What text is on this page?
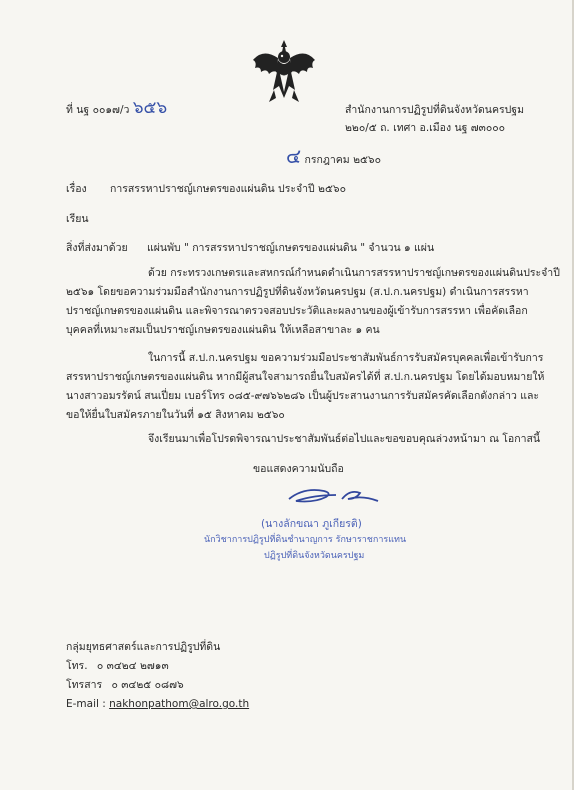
ที่ นฐ ๐๐๑๗/ว ๖๕๖	สำนักงานการปฏิรูปที่ดินจังหวัดนครปฐม
๒๒๐/๕ ถ. เทศา อ.เมือง นฐ ๗๓๐๐๐
๔ กรกฎาคม ๒๕๖๐
เรื่อง การสรรหาปราชญ์เกษตรของแผ่นดิน ประจำปี ๒๕๖๐
เรียน
สิ่งที่ส่งมาด้วย แผ่นพับ " การสรรหาปราชญ์เกษตรของแผ่นดิน " จำนวน ๑ แผ่น
ด้วย กระทรวงเกษตรและสหกรณ์กำหนดดำเนินการสรรหาปราชญ์เกษตรของแผ่นดินประจำปี
๒๕๖๑ โดยขอความร่วมมือสำนักงานการปฏิรูปที่ดินจังหวัดนครปฐม (ส.ป.ก.นครปฐม) ดำเนินการสรรหา
ปราชญ์เกษตรของแผ่นดิน และพิจารณาตรวจสอบประวัติและผลงานของผู้เข้ารับการสรรหา เพื่อคัดเลือก
บุคคลที่เหมาะสมเป็นปราชญ์เกษตรของแผ่นดิน ให้เหลือสาขาละ ๑ คน
ในการนี้ ส.ป.ก.นครปฐม ขอความร่วมมือประชาสัมพันธ์การรับสมัครบุคคลเพื่อเข้ารับการ
สรรหาปราชญ์เกษตรของแผ่นดิน หากมีผู้สนใจสามารถยื่นใบสมัครได้ที่ ส.ป.ก.นครปฐม โดยได้มอบหมายให้
นางสาวอมรรัตน์ สนเปี่ยม เบอร์โทร ๐๘๕-๙๗๖๖๒๘๖ เป็นผู้ประสานงานการรับสมัครคัดเลือกดังกล่าว และ
ขอให้ยื่นใบสมัครภายในวันที่ ๑๕ สิงหาคม ๒๕๖๐
จึงเรียนมาเพื่อโปรดพิจารณาประชาสัมพันธ์ต่อไปและขอขอบคุณล่วงหน้ามา ณ โอกาสนี้
ขอแสดงความนับถือ
(นางลักขณา ภูเกียรติ)
นักวิชาการปฏิรูปที่ดินชำนาญการ รักษาราชการแทน
ปฏิรูปที่ดินจังหวัดนครปฐม
กลุ่มยุทธศาสตร์และการปฏิรูปที่ดิน
โทร. ๐ ๓๔๒๔ ๒๗๑๓
โทรสาร ๐ ๓๔๒๕ ๐๘๗๖
E-mail : nakhonpathom@alro.go.th
